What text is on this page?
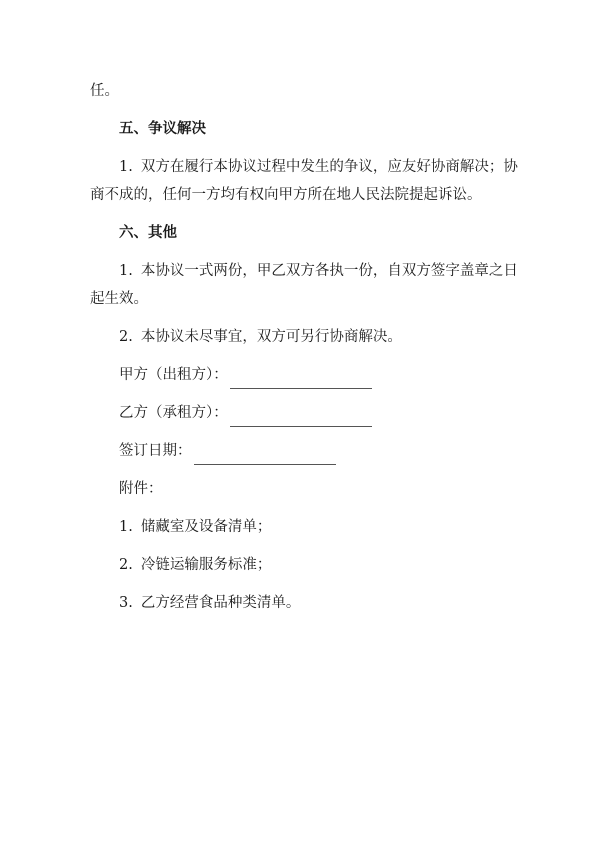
任。
五、争议解决
1. 双方在履行本协议过程中发生的争议，应友好协商解决；协
商不成的，任何一方均有权向甲方所在地人民法院提起诉讼。
六、其他
1. 本协议一式两份，甲乙双方各执一份，自双方签字盖章之日
起生效。
2. 本协议未尽事宜，双方可另行协商解决。
甲方（出租方）：
乙方（承租方）：
签订日期：
附件：
1. 储藏室及设备清单；
2. 冷链运输服务标准；
3. 乙方经营食品种类清单。
